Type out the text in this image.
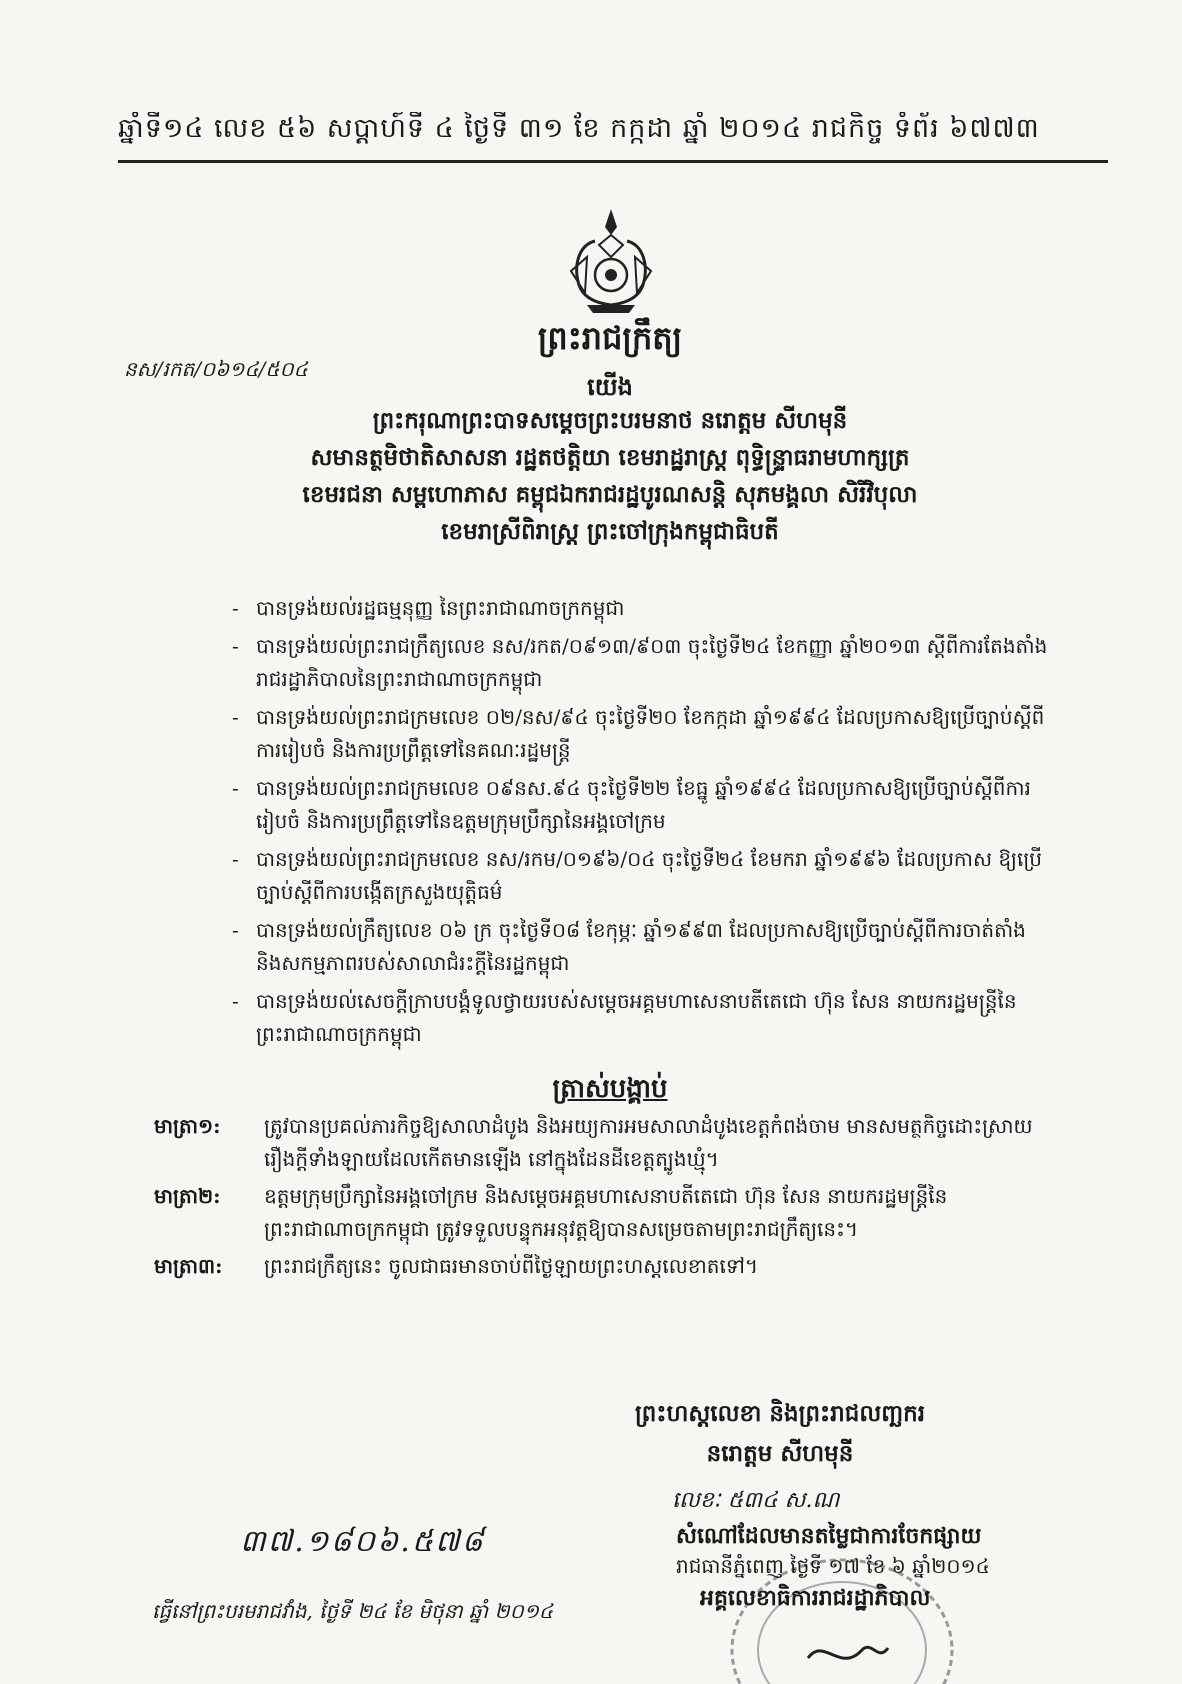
ឆ្នាំទី១៤ លេខ ៥៦ សប្តាហ៍ទី ៤ ថ្ងៃទី ៣១ ខែ កក្កដា ឆ្នាំ ២០១៤ រាជកិច្ច ទំព័រ ៦៧៧៣
ព្រះរាជក្រឹត្យ
នស/រកត/០៦១៤/៥០៤
យើង
ព្រះករុណាព្រះបាទសម្តេចព្រះបរមនាថ នរោត្តម សីហមុនី
សមានត្ថមិថាតិសាសនា រដ្ឋតថត្តិយា ខេមរាដ្ឋរាស្ត្រ ពុទ្ធិន្ទ្រាធរាមហាក្សត្រ
ខេមរជនា សម្ពហោភាស គម្ពុជឯករាជរដ្ឋបូរណសន្តិ សុភមង្គលា សិរីវិបុលា
ខេមរាស្រីពិរាស្ត្រ ព្រះចៅក្រុងកម្ពុជាធិបតី
- បានទ្រង់យល់រដ្ឋធម្មនុញ្ញ នៃព្រះរាជាណាចក្រកម្ពុជា
- បានទ្រង់យល់ព្រះរាជក្រឹត្យលេខ នស/រកត/០៩១៣/៩០៣ ចុះថ្ងៃទី២៤ ខែកញ្ញា ឆ្នាំ២០១៣ ស្តីពីការតែងតាំងរាជរដ្ឋាភិបាលនៃព្រះរាជាណាចក្រកម្ពុជា
- បានទ្រង់យល់ព្រះរាជក្រមលេខ ០២/នស/៩៤ ចុះថ្ងៃទី២០ ខែកក្កដា ឆ្នាំ១៩៩៤ ដែលប្រកាសឱ្យប្រើច្បាប់ស្តីពីការរៀបចំ និងការប្រព្រឹត្តទៅនៃគណៈរដ្ឋមន្ត្រី
- បានទ្រង់យល់ព្រះរាជក្រមលេខ ០៩នស.៩៤ ចុះថ្ងៃទី២២ ខែធ្នូ ឆ្នាំ១៩៩៤ ដែលប្រកាសឱ្យប្រើច្បាប់ស្តីពីការរៀបចំ និងការប្រព្រឹត្តទៅនៃឧត្តមក្រុមប្រឹក្សានៃអង្គចៅក្រម
- បានទ្រង់យល់ព្រះរាជក្រមលេខ នស/រកម/០១៩៦/០៤ ចុះថ្ងៃទី២៤ ខែមករា ឆ្នាំ១៩៩៦ ដែលប្រកាស ឱ្យប្រើច្បាប់ស្តីពីការបង្កើតក្រសួងយុត្តិធម៌
- បានទ្រង់យល់ក្រឹត្យលេខ ០៦ ក្រ ចុះថ្ងៃទី០៨ ខែកុម្ភៈ ឆ្នាំ១៩៩៣ ដែលប្រកាសឱ្យប្រើច្បាប់ស្តីពីការចាត់តាំង និងសកម្មភាពរបស់សាលាជំរះក្តីនៃរដ្ឋកម្ពុជា
- បានទ្រង់យល់សេចក្តីក្រាបបង្គំទូលថ្វាយរបស់សម្តេចអគ្គមហាសេនាបតីតេជោ ហ៊ុន សែន នាយករដ្ឋមន្ត្រីនៃព្រះរាជាណាចក្រកម្ពុជា
ត្រាស់បង្គាប់
មាត្រា១:	ត្រូវបានប្រគល់ភារកិច្ចឱ្យសាលាដំបូង និងអយ្យការអមសាលាដំបូងខេត្តកំពង់ចាម មានសមត្ថកិច្ចដោះស្រាយរឿងក្តីទាំងឡាយដែលកើតមានឡើង នៅក្នុងដែនដីខេត្តត្បូងឃ្មុំ។
មាត្រា២:	ឧត្តមក្រុមប្រឹក្សានៃអង្គចៅក្រម និងសម្តេចអគ្គមហាសេនាបតីតេជោ ហ៊ុន សែន នាយករដ្ឋមន្ត្រីនៃព្រះរាជាណាចក្រកម្ពុជា ត្រូវទទួលបន្ទុកអនុវត្តឱ្យបានសម្រេចតាមព្រះរាជក្រឹត្យនេះ។
មាត្រា៣:	ព្រះរាជក្រឹត្យនេះ ចូលជាធរមានចាប់ពីថ្ងៃឡាយព្រះហស្តលេខាតទៅ។
ព្រះហស្តលេខា និងព្រះរាជលញ្ឆករ
នរោត្តម សីហមុនី
៣៧.១៨០៦.៥៧៨
លេខៈ ៥៣៤ ស.ណ
សំណៅដែលមានតម្លៃជាការចែកផ្សាយ
រាជធានីភ្នំពេញ ថ្ងៃទី ១៧ ខែ ៦ ឆ្នាំ២០១៤
អគ្គលេខាធិការរាជរដ្ឋាភិបាល
ធ្វើនៅព្រះបរមរាជវាំង, ថ្ងៃទី ២៤ ខែ មិថុនា ឆ្នាំ ២០១៤
